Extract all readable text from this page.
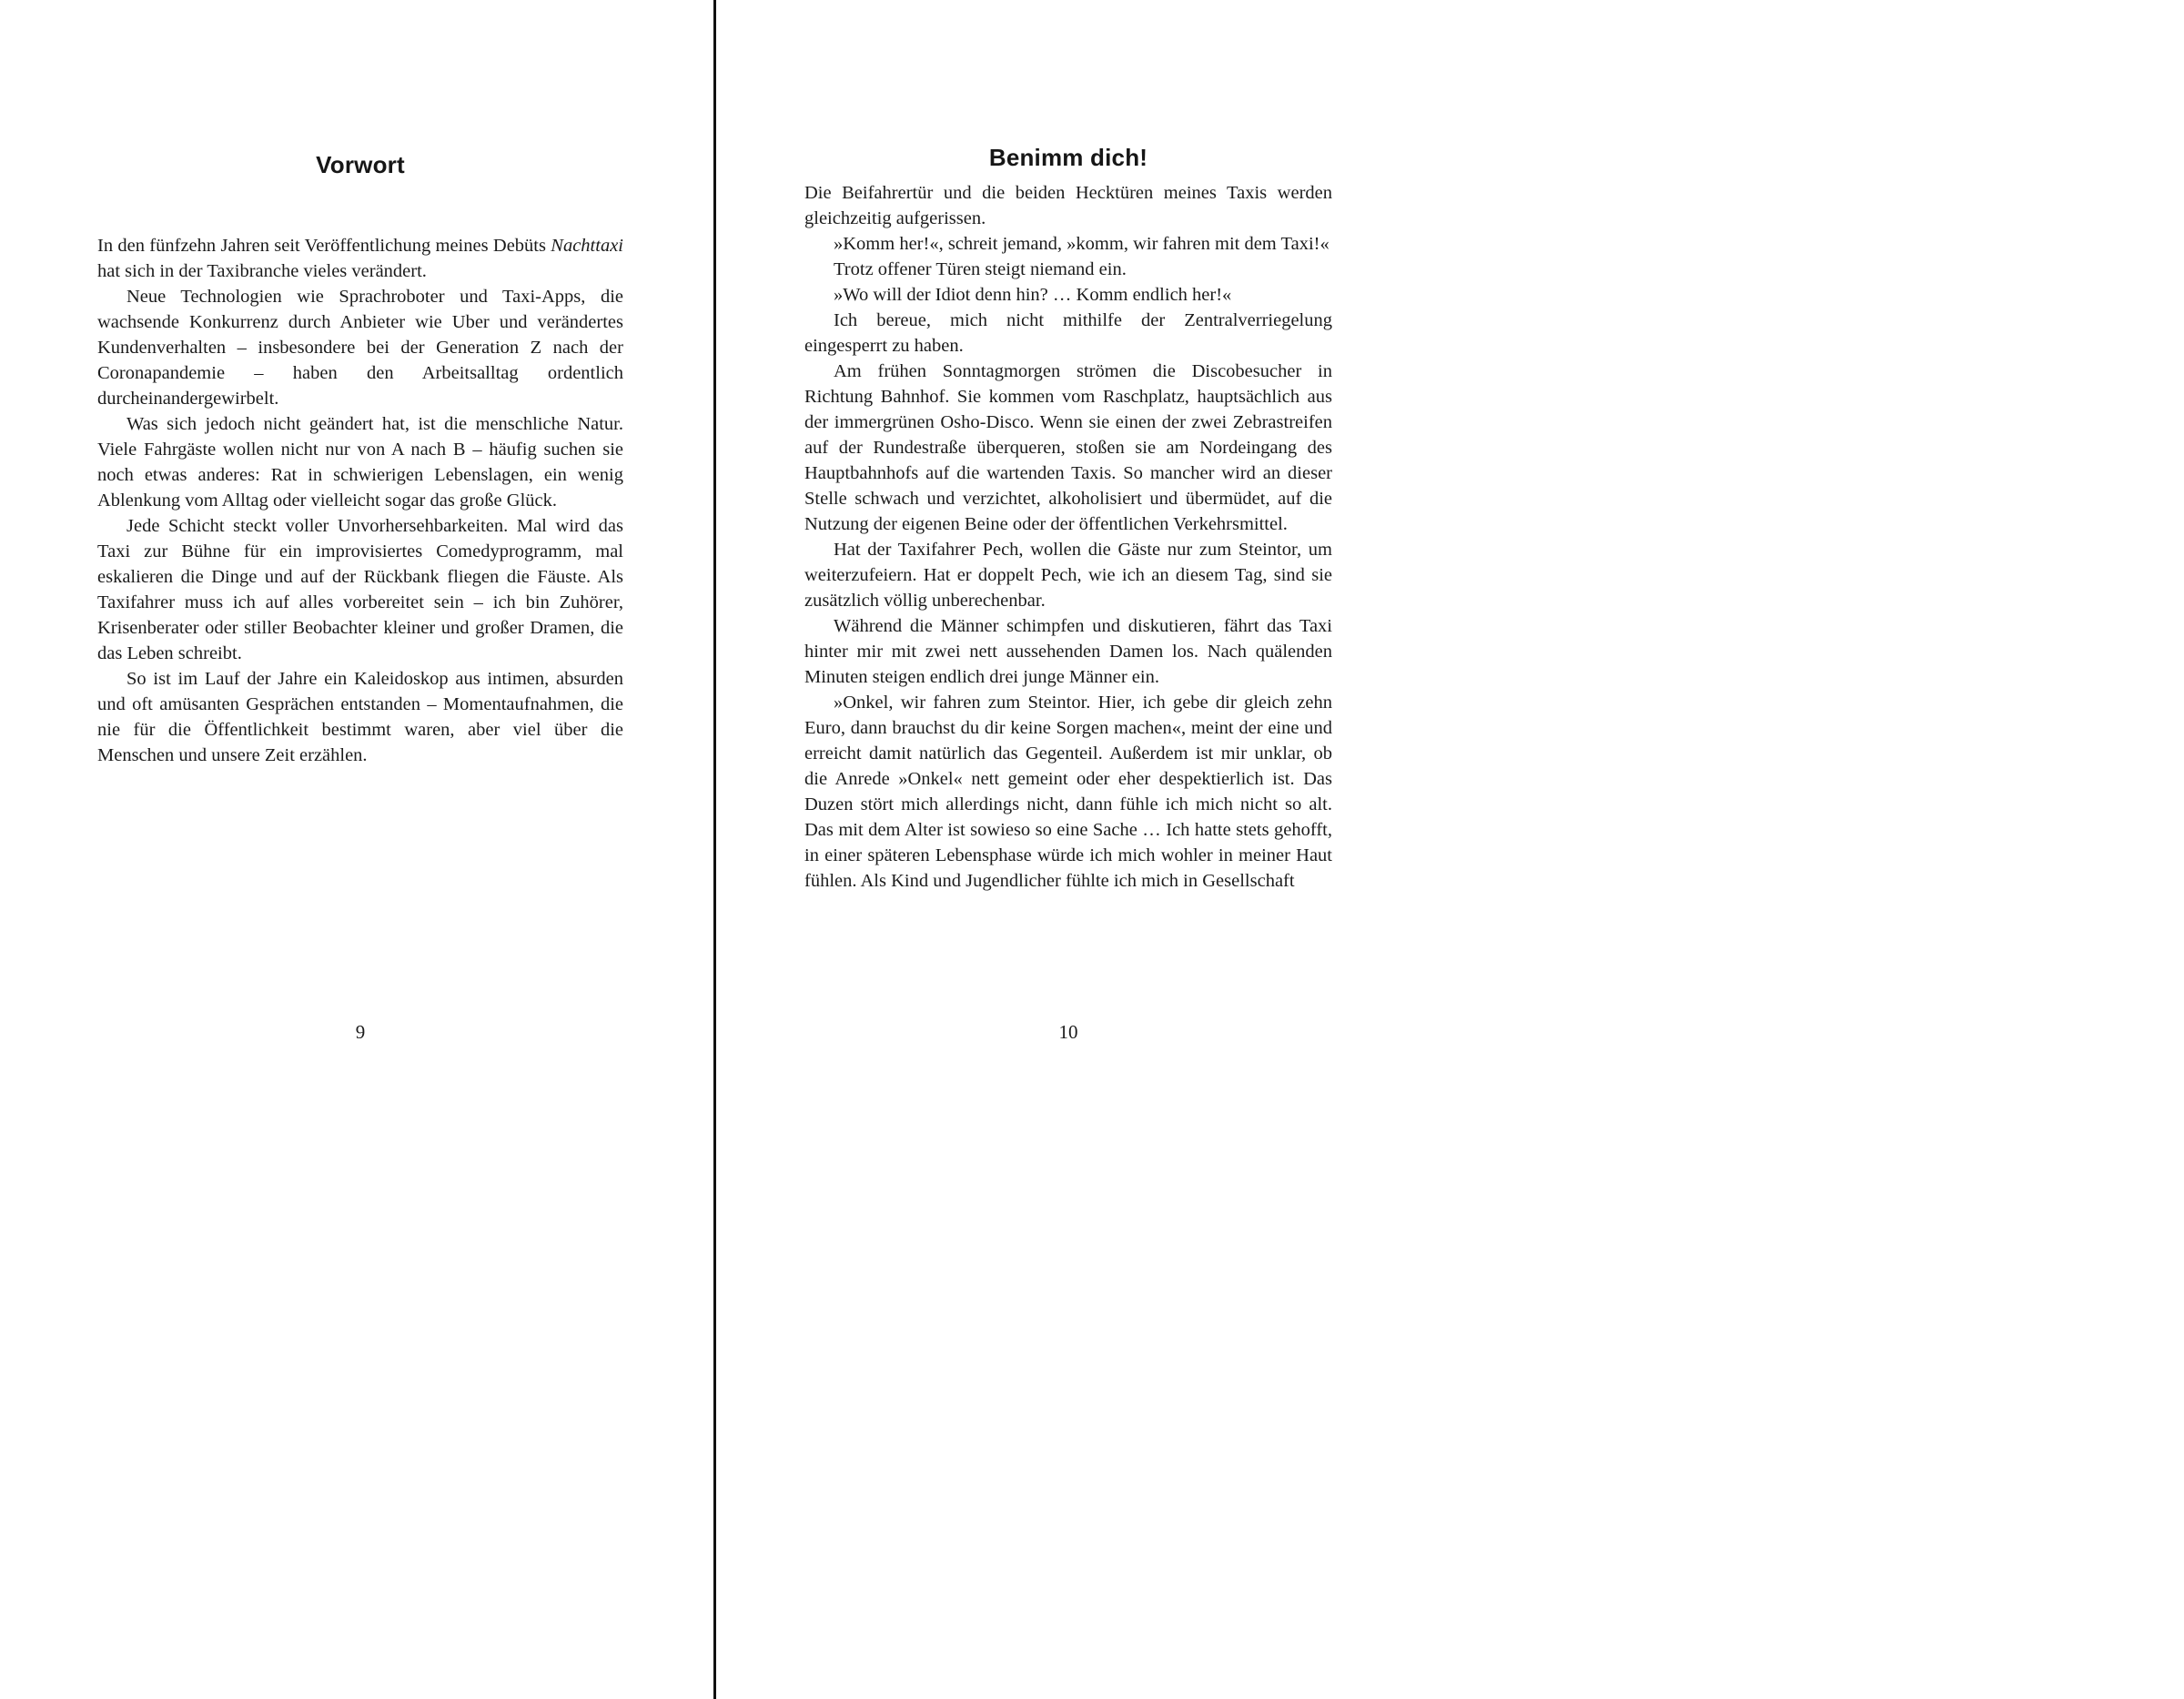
Vorwort

In den fünfzehn Jahren seit Veröffentlichung meines Debüts Nachttaxi hat sich in der Taxibranche vieles verändert.

Neue Technologien wie Sprachroboter und Taxi-Apps, die wachsende Konkurrenz durch Anbieter wie Uber und verändertes Kundenverhalten – insbesondere bei der Generation Z nach der Coronapandemie – haben den Arbeitsalltag ordentlich durcheinandergewirbelt.

Was sich jedoch nicht geändert hat, ist die menschliche Natur. Viele Fahrgäste wollen nicht nur von A nach B – häufig suchen sie noch etwas anderes: Rat in schwierigen Lebenslagen, ein wenig Ablenkung vom Alltag oder vielleicht sogar das große Glück.

Jede Schicht steckt voller Unvorhersehbarkeiten. Mal wird das Taxi zur Bühne für ein improvisiertes Comedyprogramm, mal eskalieren die Dinge und auf der Rückbank fliegen die Fäuste. Als Taxifahrer muss ich auf alles vorbereitet sein – ich bin Zuhörer, Krisenberater oder stiller Beobachter kleiner und großer Dramen, die das Leben schreibt.

So ist im Lauf der Jahre ein Kaleidoskop aus intimen, absurden und oft amüsanten Gesprächen entstanden – Momentaufnahmen, die nie für die Öffentlichkeit bestimmt waren, aber viel über die Menschen und unsere Zeit erzählen.

9
Benimm dich!

Die Beifahrertür und die beiden Hecktüren meines Taxis werden gleichzeitig aufgerissen.

»Komm her!«, schreit jemand, »komm, wir fahren mit dem Taxi!«

Trotz offener Türen steigt niemand ein.

»Wo will der Idiot denn hin? … Komm endlich her!«

Ich bereue, mich nicht mithilfe der Zentralverriegelung eingesperrt zu haben.

Am frühen Sonntagmorgen strömen die Discobesucher in Richtung Bahnhof. Sie kommen vom Raschplatz, hauptsächlich aus der immergrünen Osho-Disco. Wenn sie einen der zwei Zebrastreifen auf der Rundestraße überqueren, stoßen sie am Nordeingang des Hauptbahnhofs auf die wartenden Taxis. So mancher wird an dieser Stelle schwach und verzichtet, alkoholisiert und übermüdet, auf die Nutzung der eigenen Beine oder der öffentlichen Verkehrsmittel.

Hat der Taxifahrer Pech, wollen die Gäste nur zum Steintor, um weiterzufeiern. Hat er doppelt Pech, wie ich an diesem Tag, sind sie zusätzlich völlig unberechenbar.

Während die Männer schimpfen und diskutieren, fährt das Taxi hinter mir mit zwei nett aussehenden Damen los. Nach quälenden Minuten steigen endlich drei junge Männer ein.

»Onkel, wir fahren zum Steintor. Hier, ich gebe dir gleich zehn Euro, dann brauchst du dir keine Sorgen machen«, meint der eine und erreicht damit natürlich das Gegenteil. Außerdem ist mir unklar, ob die Anrede »Onkel« nett gemeint oder eher despektierlich ist. Das Duzen stört mich allerdings nicht, dann fühle ich mich nicht so alt. Das mit dem Alter ist sowieso so eine Sache … Ich hatte stets gehofft, in einer späteren Lebensphase würde ich mich wohler in meiner Haut fühlen. Als Kind und Jugendlicher fühlte ich mich in Gesellschaft

10
